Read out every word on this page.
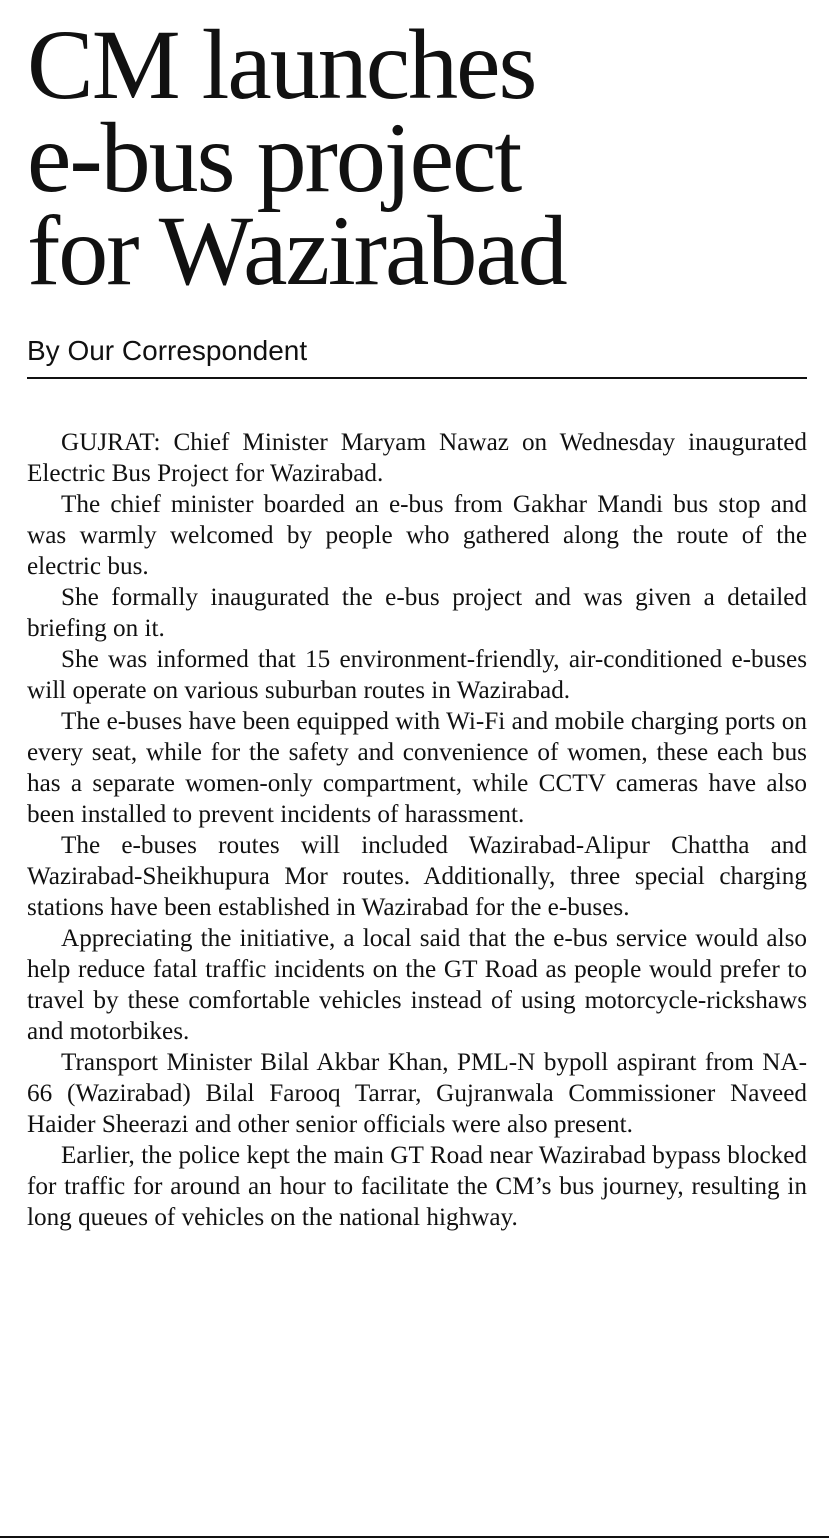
CM launches
e-bus project
for Wazirabad
By Our Correspondent

GUJRAT: Chief Minister Maryam Nawaz on Wednesday inaugurated Electric Bus Project for Wazirabad.

The chief minister boarded an e-bus from Gakhar Mandi bus stop and was warmly welcomed by people who gathered along the route of the electric bus.

She formally inaugurated the e-bus project and was given a detailed briefing on it.

She was informed that 15 environment-friendly, air-conditioned e-buses will operate on various suburban routes in Wazirabad.

The e-buses have been equipped with Wi-Fi and mobile charging ports on every seat, while for the safety and convenience of women, these each bus has a separate women-only compartment, while CCTV cameras have also been installed to prevent incidents of harassment.

The e-buses routes will included Wazirabad-Alipur Chattha and Wazirabad-Sheikhupura Mor routes. Additionally, three special charging stations have been established in Wazirabad for the e-buses.

Appreciating the initiative, a local said that the e-bus service would also help reduce fatal traffic incidents on the GT Road as people would prefer to travel by these comfortable vehicles instead of using motorcycle-rickshaws and motorbikes.

Transport Minister Bilal Akbar Khan, PML-N bypoll aspirant from NA-66 (Wazirabad) Bilal Farooq Tarrar, Gujranwala Commissioner Naveed Haider Sheerazi and other senior officials were also present.

Earlier, the police kept the main GT Road near Wazirabad bypass blocked for traffic for around an hour to facilitate the CM’s bus journey, resulting in long queues of vehicles on the national highway.
